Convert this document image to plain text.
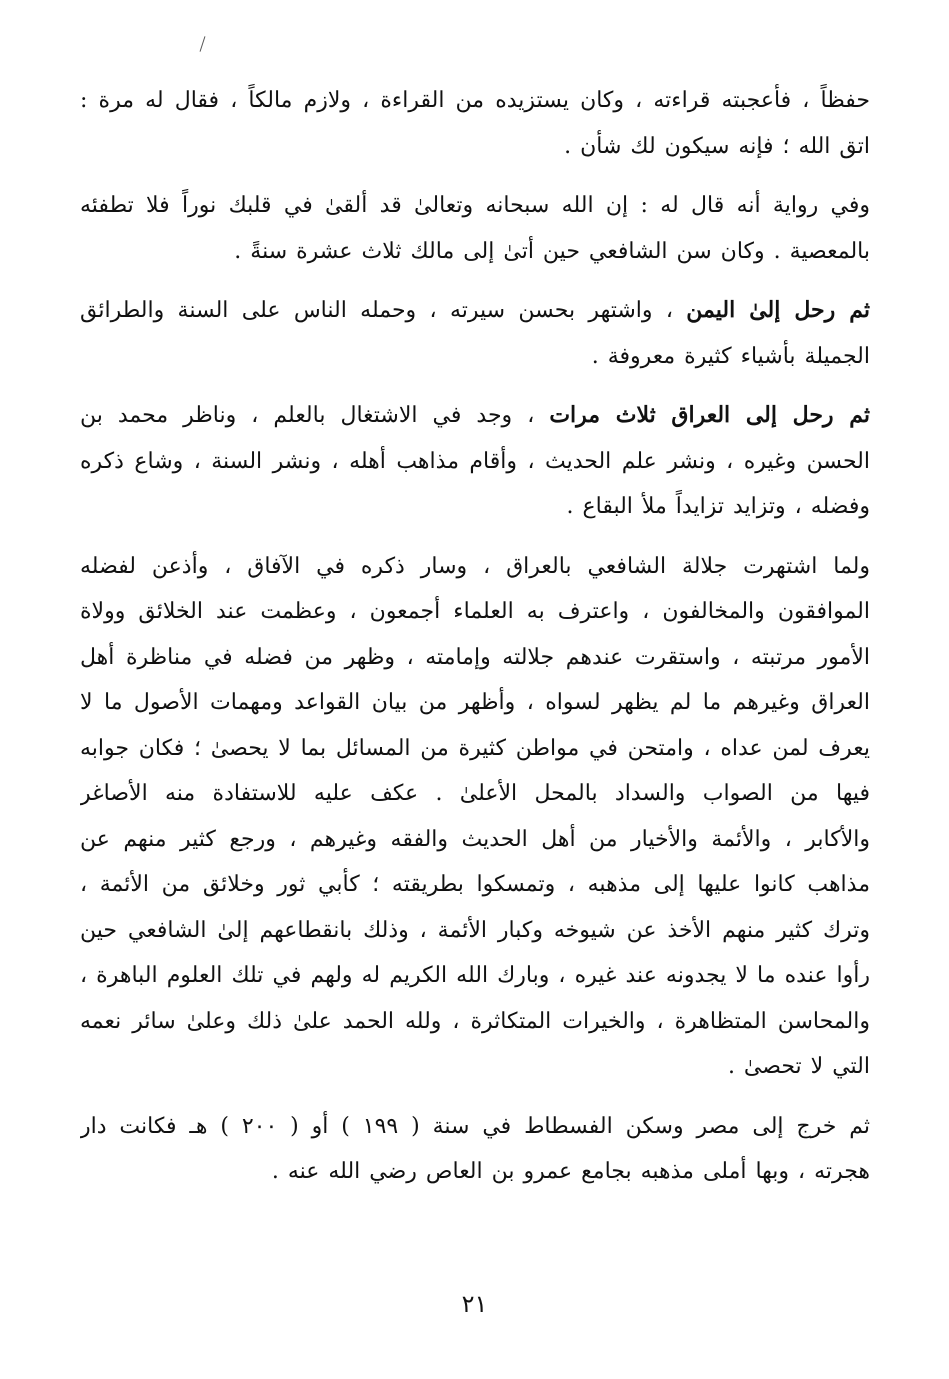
حفظاً ، فأعجبته قراءته ، وكان يستزيده من القراءة ، ولازم مالكاً ، فقال له مرة :
اتق الله ؛ فإنه سيكون لك شأن .

وفي رواية أنه قال له : إن الله سبحانه وتعالىٰ قد ألقىٰ في قلبك نوراً فلا تطفئه
بالمعصية . وكان سن الشافعي حين أتىٰ إلى مالك ثلاث عشرة سنةً .

ثم رحل إلىٰ اليمن ، واشتهر بحسن سيرته ، وحمله الناس على السنة والطرائق
الجميلة بأشياء كثيرة معروفة .

ثم رحل إلى العراق ثلاث مرات ، وجد في الاشتغال بالعلم ، وناظر محمد بن
الحسن وغيره ، ونشر علم الحديث ، وأقام مذاهب أهله ، ونشر السنة ، وشاع ذكره
وفضله ، وتزايد تزايداً ملأ البقاع .

ولما اشتهرت جلالة الشافعي بالعراق ، وسار ذكره في الآفاق ، وأذعن لفضله
الموافقون والمخالفون ، واعترف به العلماء أجمعون ، وعظمت عند الخلائق وولاة
الأمور مرتبته ، واستقرت عندهم جلالته وإمامته ، وظهر من فضله في مناظرة أهل
العراق وغيرهم ما لم يظهر لسواه ، وأظهر من بيان القواعد ومهمات الأصول ما لا
يعرف لمن عداه ، وامتحن في مواطن كثيرة من المسائل بما لا يحصىٰ ؛ فكان جوابه
فيها من الصواب والسداد بالمحل الأعلىٰ . عكف عليه للاستفادة منه الأصاغر
والأكابر ، والأئمة والأخيار من أهل الحديث والفقه وغيرهم ، ورجع كثير منهم عن
مذاهب كانوا عليها إلى مذهبه ، وتمسكوا بطريقته ؛ كأبي ثور وخلائق من الأئمة ،
وترك كثير منهم الأخذ عن شيوخه وكبار الأئمة ، وذلك بانقطاعهم إلىٰ الشافعي حين
رأوا عنده ما لا يجدونه عند غيره ، وبارك الله الكريم له ولهم في تلك العلوم الباهرة ،
والمحاسن المتظاهرة ، والخيرات المتكاثرة ، ولله الحمد علىٰ ذلك وعلىٰ سائر نعمه
التي لا تحصىٰ .

ثم خرج إلى مصر وسكن الفسطاط في سنة ( ١٩٩ ) أو ( ٢٠٠ ) هـ فكانت دار
هجرته ، وبها أملى مذهبه بجامع عمرو بن العاص رضي الله عنه .

٢١
